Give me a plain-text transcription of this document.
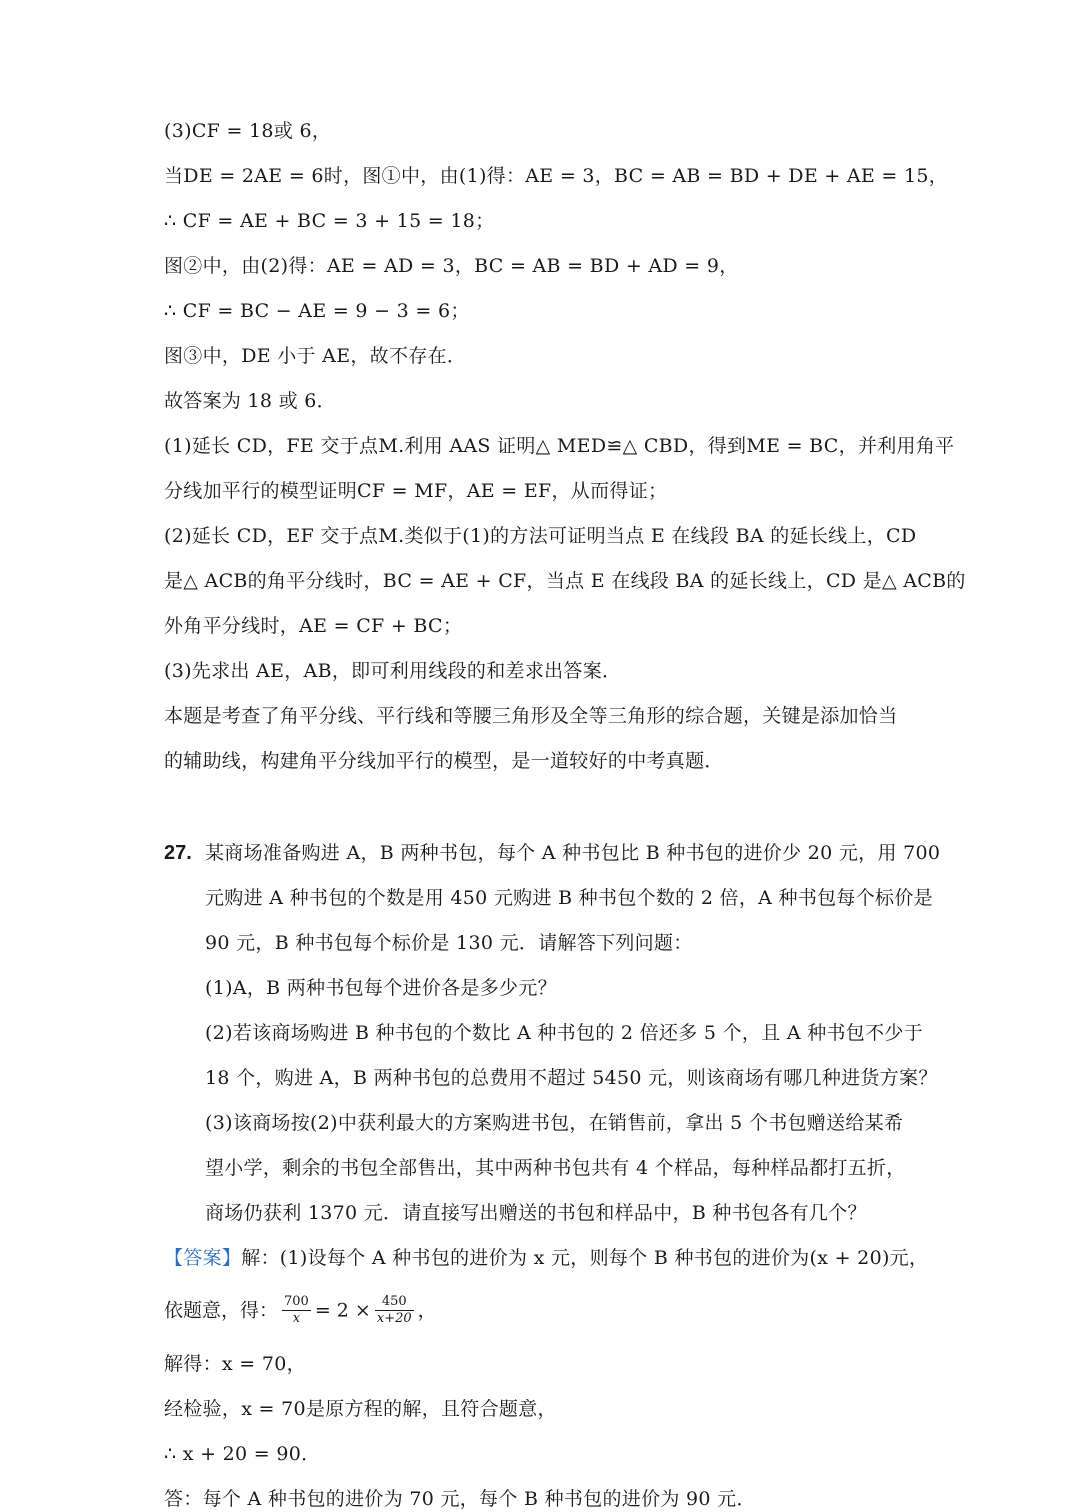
(3)CF = 18或 6，
当DE = 2AE = 6时，图①中，由(1)得：AE = 3，BC = AB = BD + DE + AE = 15，
∴ CF = AE + BC = 3 + 15 = 18；
图②中，由(2)得：AE = AD = 3，BC = AB = BD + AD = 9，
∴ CF = BC − AE = 9 − 3 = 6；
图③中，DE 小于 AE，故不存在．
故答案为 18 或 6．
(1)延长 CD，FE 交于点M.利用 AAS 证明△ MED≌△ CBD，得到ME = BC，并利用角平
分线加平行的模型证明CF = MF，AE = EF，从而得证；
(2)延长 CD，EF 交于点M.类似于(1)的方法可证明当点 E 在线段 BA 的延长线上，CD
是△ ACB的角平分线时，BC = AE + CF，当点 E 在线段 BA 的延长线上，CD 是△ ACB的
外角平分线时，AE = CF + BC；
(3)先求出 AE，AB，即可利用线段的和差求出答案．
本题是考查了角平分线、平行线和等腰三角形及全等三角形的综合题，关键是添加恰当
的辅助线，构建角平分线加平行的模型，是一道较好的中考真题．
27. 某商场准备购进 A，B 两种书包，每个 A 种书包比 B 种书包的进价少 20 元，用 700
元购进 A 种书包的个数是用 450 元购进 B 种书包个数的 2 倍，A 种书包每个标价是
90 元，B 种书包每个标价是 130 元．请解答下列问题：
(1)A，B 两种书包每个进价各是多少元？
(2)若该商场购进 B 种书包的个数比 A 种书包的 2 倍还多 5 个，且 A 种书包不少于
18 个，购进 A，B 两种书包的总费用不超过 5450 元，则该商场有哪几种进货方案？
(3)该商场按(2)中获利最大的方案购进书包，在销售前，拿出 5 个书包赠送给某希
望小学，剩余的书包全部售出，其中两种书包共有 4 个样品，每种样品都打五折，
商场仍获利 1370 元．请直接写出赠送的书包和样品中，B 种书包各有几个？
【答案】解：(1)设每个 A 种书包的进价为 x 元，则每个 B 种书包的进价为(x + 20)元，
依题意，得： $\frac{700}{x} = 2 \times \frac{450}{x+20}$ ，
解得：x = 70，
经检验，x = 70是原方程的解，且符合题意，
∴ x + 20 = 90．
答：每个 A 种书包的进价为 70 元，每个 B 种书包的进价为 90 元．
